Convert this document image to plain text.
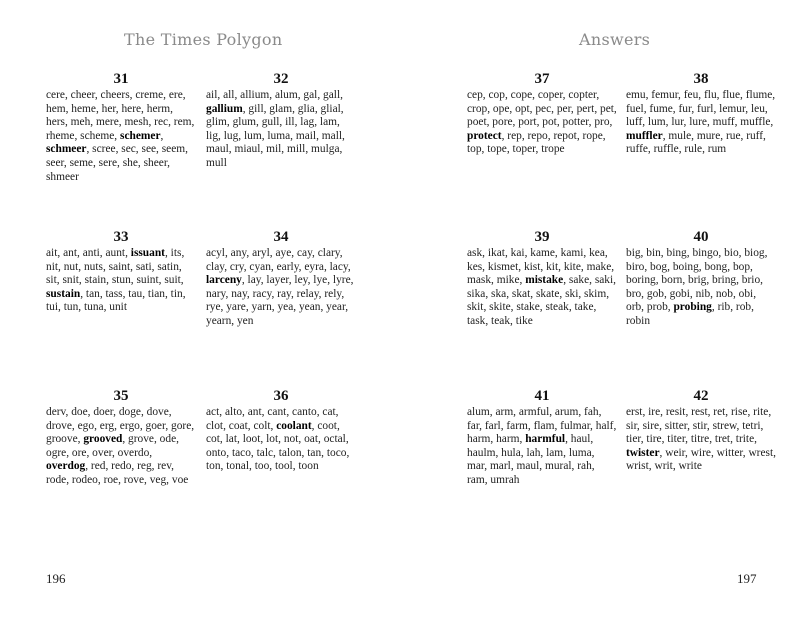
The Times Polygon
31
cere, cheer, cheers, creme, ere, hem, heme, her, here, herm, hers, meh, mere, mesh, rec, rem, rheme, scheme, schemer, schmeer, scree, sec, see, seem, seer, seme, sere, she, sheer, shmeer
32
ail, all, allium, alum, gal, gall, gallium, gill, glam, glia, glial, glim, glum, gull, ill, lag, lam, lig, lug, lum, luma, mail, mall, maul, miaul, mil, mill, mulga, mull
33
ait, ant, anti, aunt, issuant, its, nit, nut, nuts, saint, sati, satin, sit, snit, stain, stun, suint, suit, sustain, tan, tass, tau, tian, tin, tui, tun, tuna, unit
34
acyl, any, aryl, aye, cay, clary, clay, cry, cyan, early, eyra, lacy, larceny, lay, layer, ley, lye, lyre, nary, nay, racy, ray, relay, rely, rye, yare, yarn, yea, yean, year, yearn, yen
35
derv, doe, doer, doge, dove, drove, ego, erg, ergo, goer, gore, groove, grooved, grove, ode, ogre, ore, over, overdo, overdog, red, redo, reg, rev, rode, rodeo, roe, rove, veg, voe
36
act, alto, ant, cant, canto, cat, clot, coat, colt, coolant, coot, cot, lat, loot, lot, not, oat, octal, onto, taco, talc, talon, tan, toco, ton, tonal, too, tool, toon
196
Answers
37
cep, cop, cope, coper, copter, crop, ope, opt, pec, per, pert, pet, poet, pore, port, pot, potter, pro, protect, rep, repo, repot, rope, top, tope, toper, trope
38
emu, femur, feu, flu, flue, flume, fuel, fume, fur, furl, lemur, leu, luff, lum, lur, lure, muff, muffle, muffler, mule, mure, rue, ruff, ruffe, ruffle, rule, rum
39
ask, ikat, kai, kame, kami, kea, kes, kismet, kist, kit, kite, make, mask, mike, mistake, sake, saki, sika, ska, skat, skate, ski, skim, skit, skite, stake, steak, take, task, teak, tike
40
big, bin, bing, bingo, bio, biog, biro, bog, boing, bong, bop, boring, born, brig, bring, brio, bro, gob, gobi, nib, nob, obi, orb, prob, probing, rib, rob, robin
41
alum, arm, armful, arum, fah, far, farl, farm, flam, fulmar, half, harm, harm, harmful, haul, haulm, hula, lah, lam, luma, mar, marl, maul, mural, rah, ram, umrah
42
erst, ire, resit, rest, ret, rise, rite, sir, sire, sitter, stir, strew, tetri, tier, tire, titer, titre, tret, trite, twister, weir, wire, witter, wrest, wrist, writ, write
197
